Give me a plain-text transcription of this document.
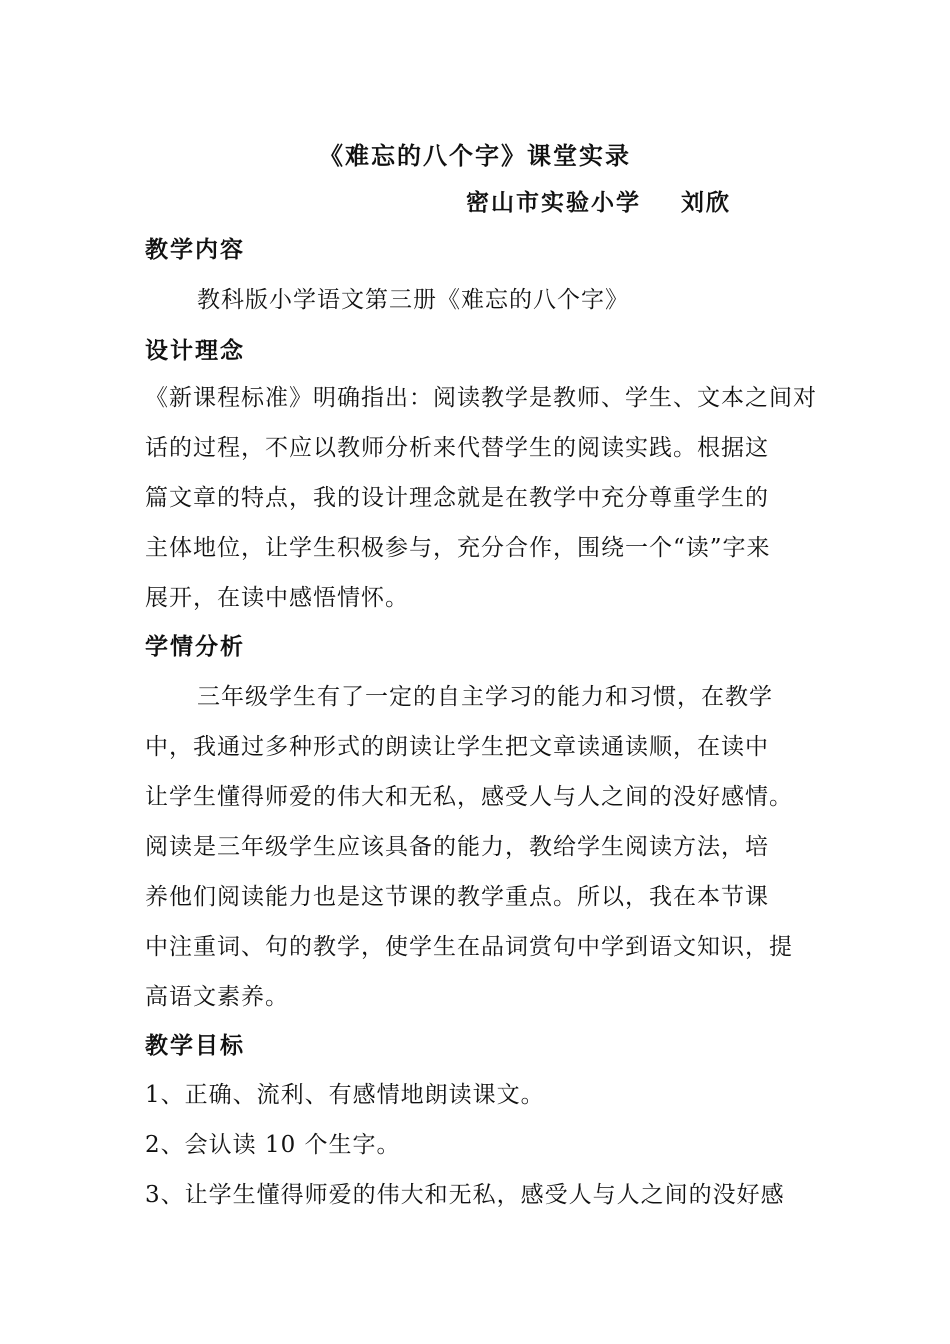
《难忘的八个字》课堂实录
密山市实验小学 刘欣
教学内容
教科版小学语文第三册《难忘的八个字》
设计理念
《新课程标准》明确指出：阅读教学是教师、学生、文本之间对
话的过程，不应以教师分析来代替学生的阅读实践。根据这
篇文章的特点，我的设计理念就是在教学中充分尊重学生的
主体地位，让学生积极参与，充分合作，围绕一个“读”字来
展开，在读中感悟情怀。
学情分析
三年级学生有了一定的自主学习的能力和习惯，在教学
中，我通过多种形式的朗读让学生把文章读通读顺，在读中
让学生懂得师爱的伟大和无私，感受人与人之间的没好感情。
阅读是三年级学生应该具备的能力，教给学生阅读方法，培
养他们阅读能力也是这节课的教学重点。所以，我在本节课
中注重词、句的教学，使学生在品词赏句中学到语文知识，提
高语文素养。
教学目标
1、正确、流利、有感情地朗读课文。
2、会认读 10 个生字。
3、让学生懂得师爱的伟大和无私，感受人与人之间的没好感
